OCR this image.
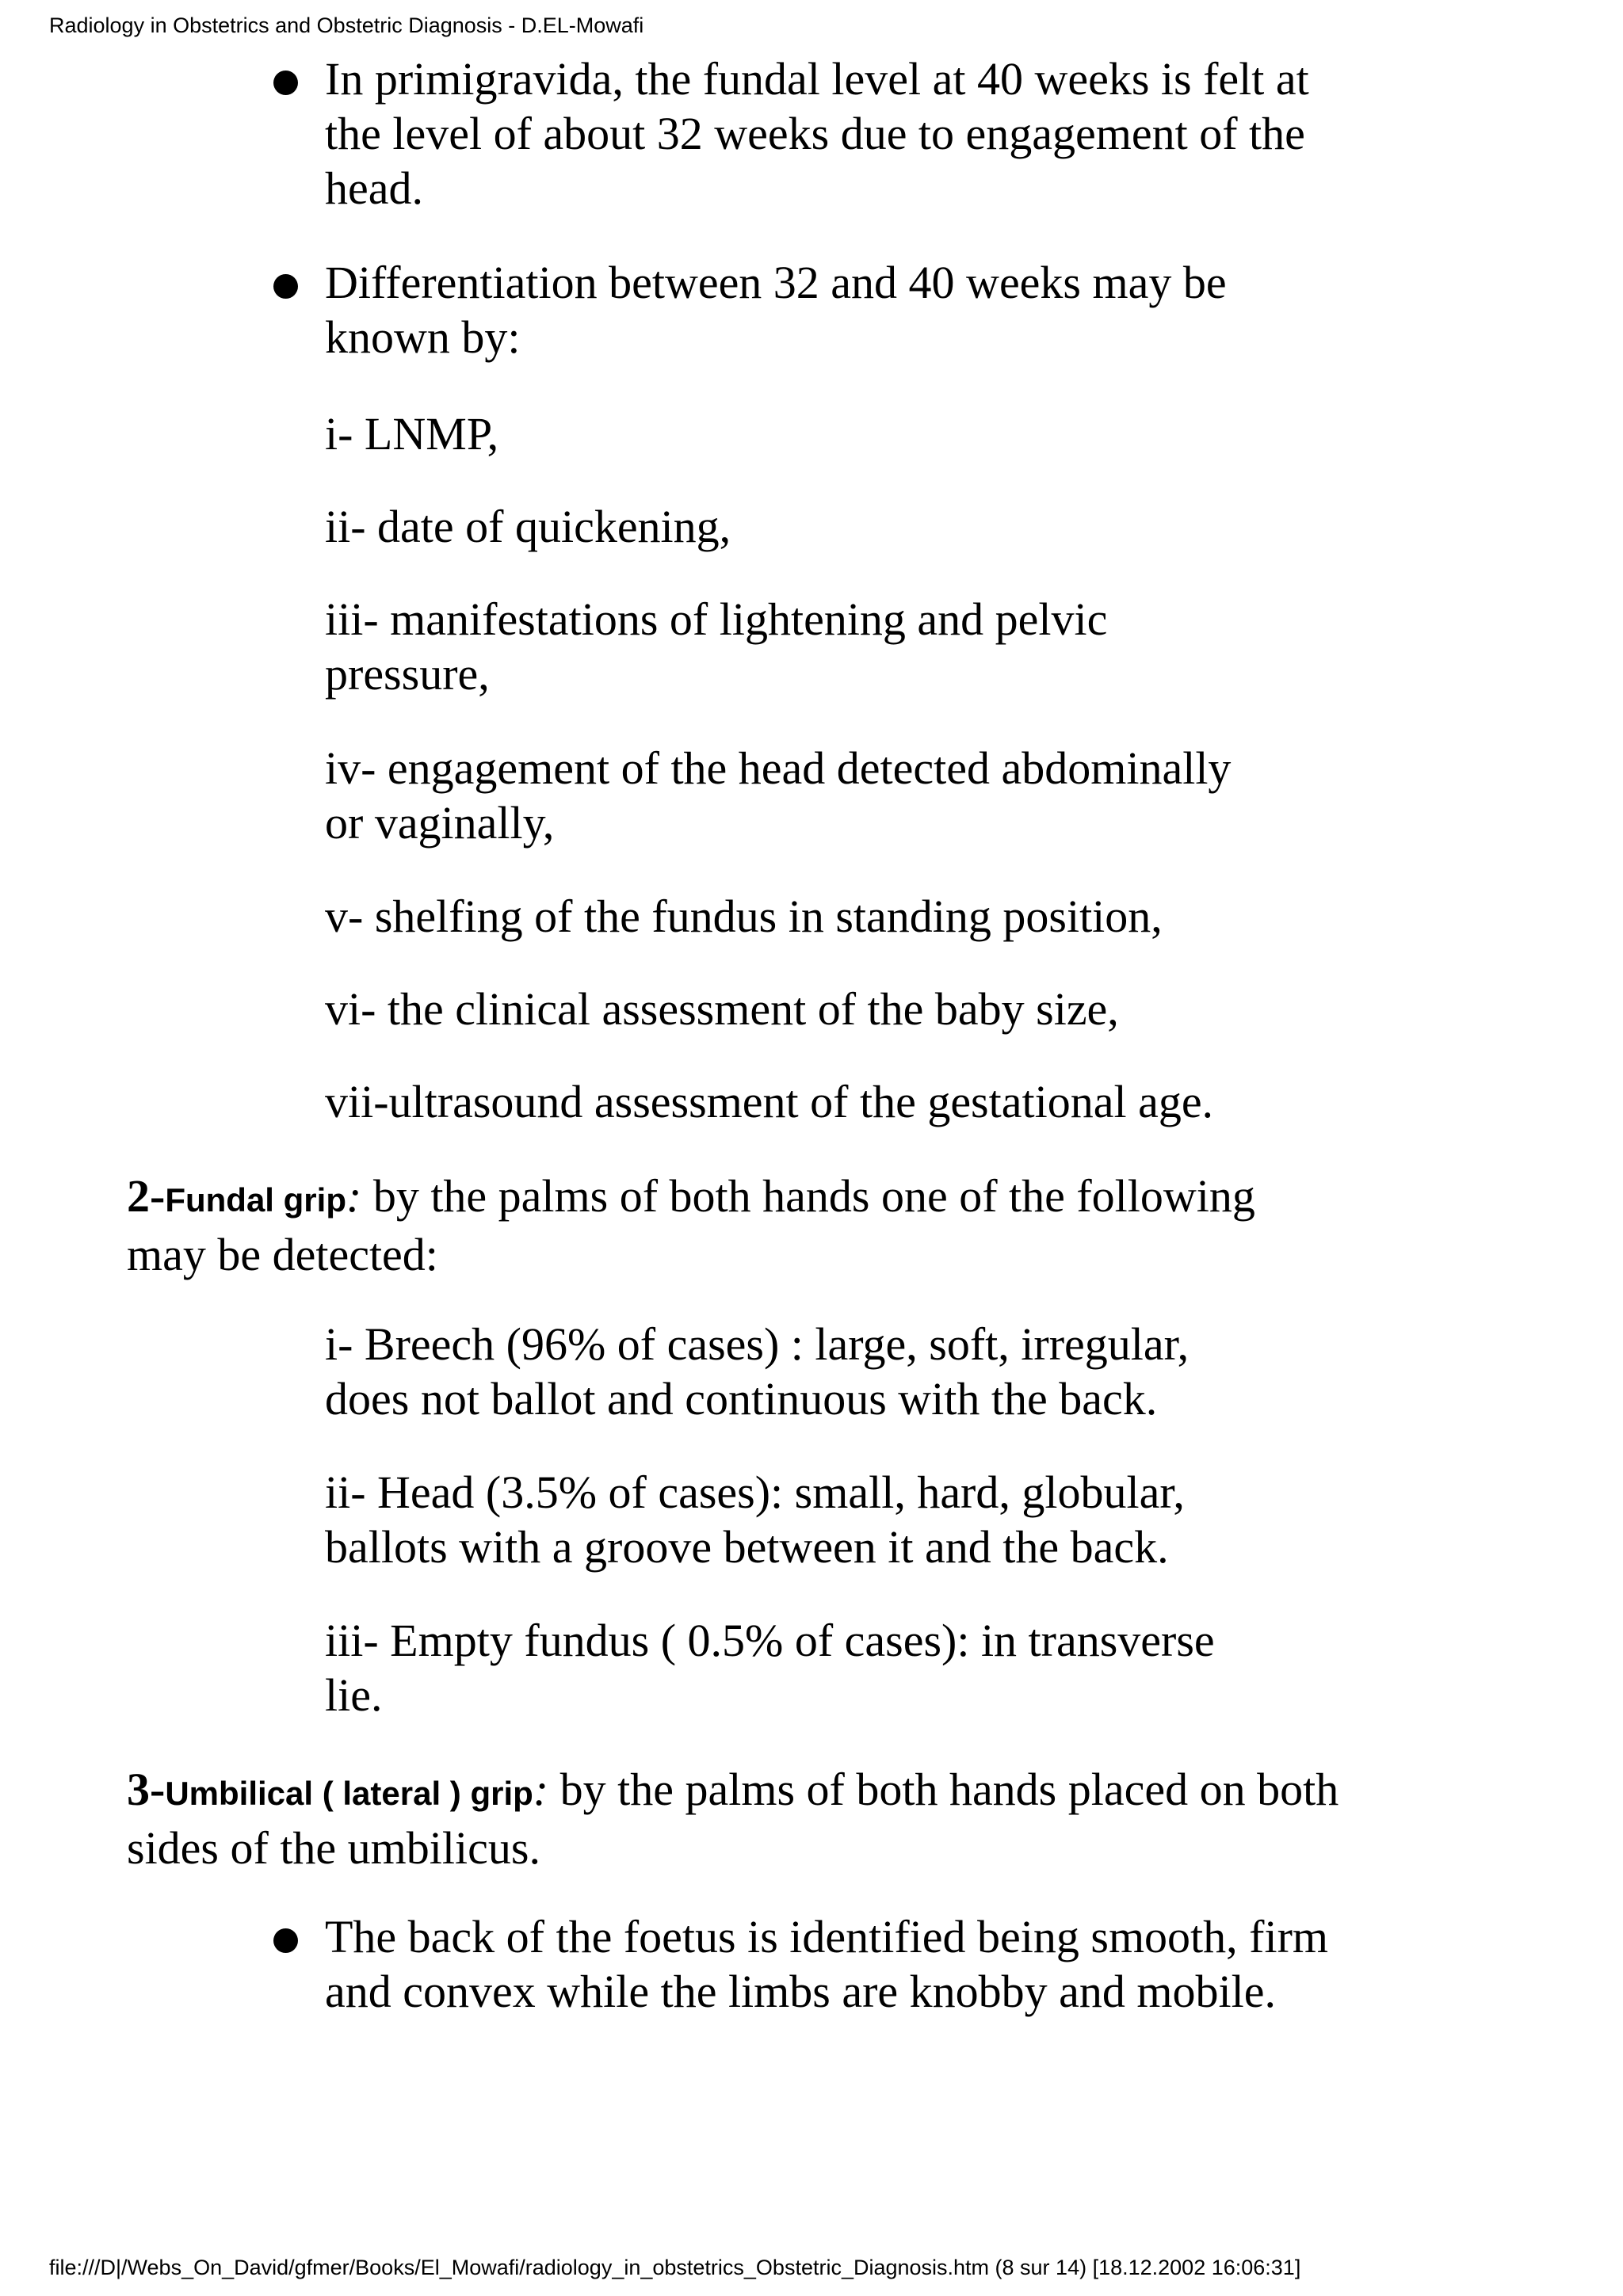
Radiology in Obstetrics and Obstetric Diagnosis - D.EL-Mowafi
In primigravida, the fundal level at 40 weeks is felt at
the level of about 32 weeks due to engagement of the
head.
Differentiation between 32 and 40 weeks may be
known by:
i- LNMP,
ii- date of quickening,
iii- manifestations of lightening and pelvic
pressure,
iv- engagement of the head detected abdominally
or vaginally,
v- shelfing of the fundus in standing position,
vi- the clinical assessment of the baby size,
vii-ultrasound assessment of the gestational age.
2-Fundal grip: by the palms of both hands one of the following
may be detected:
i- Breech (96% of cases) : large, soft, irregular,
does not ballot and continuous with the back.
ii- Head (3.5% of cases): small, hard, globular,
ballots with a groove between it and the back.
iii- Empty fundus ( 0.5% of cases): in transverse
lie.
3-Umbilical ( lateral ) grip: by the palms of both hands placed on both
sides of the umbilicus.
The back of the foetus is identified being smooth, firm
and convex while the limbs are knobby and mobile.
file:///D|/Webs_On_David/gfmer/Books/El_Mowafi/radiology_in_obstetrics_Obstetric_Diagnosis.htm (8 sur 14) [18.12.2002 16:06:31]
